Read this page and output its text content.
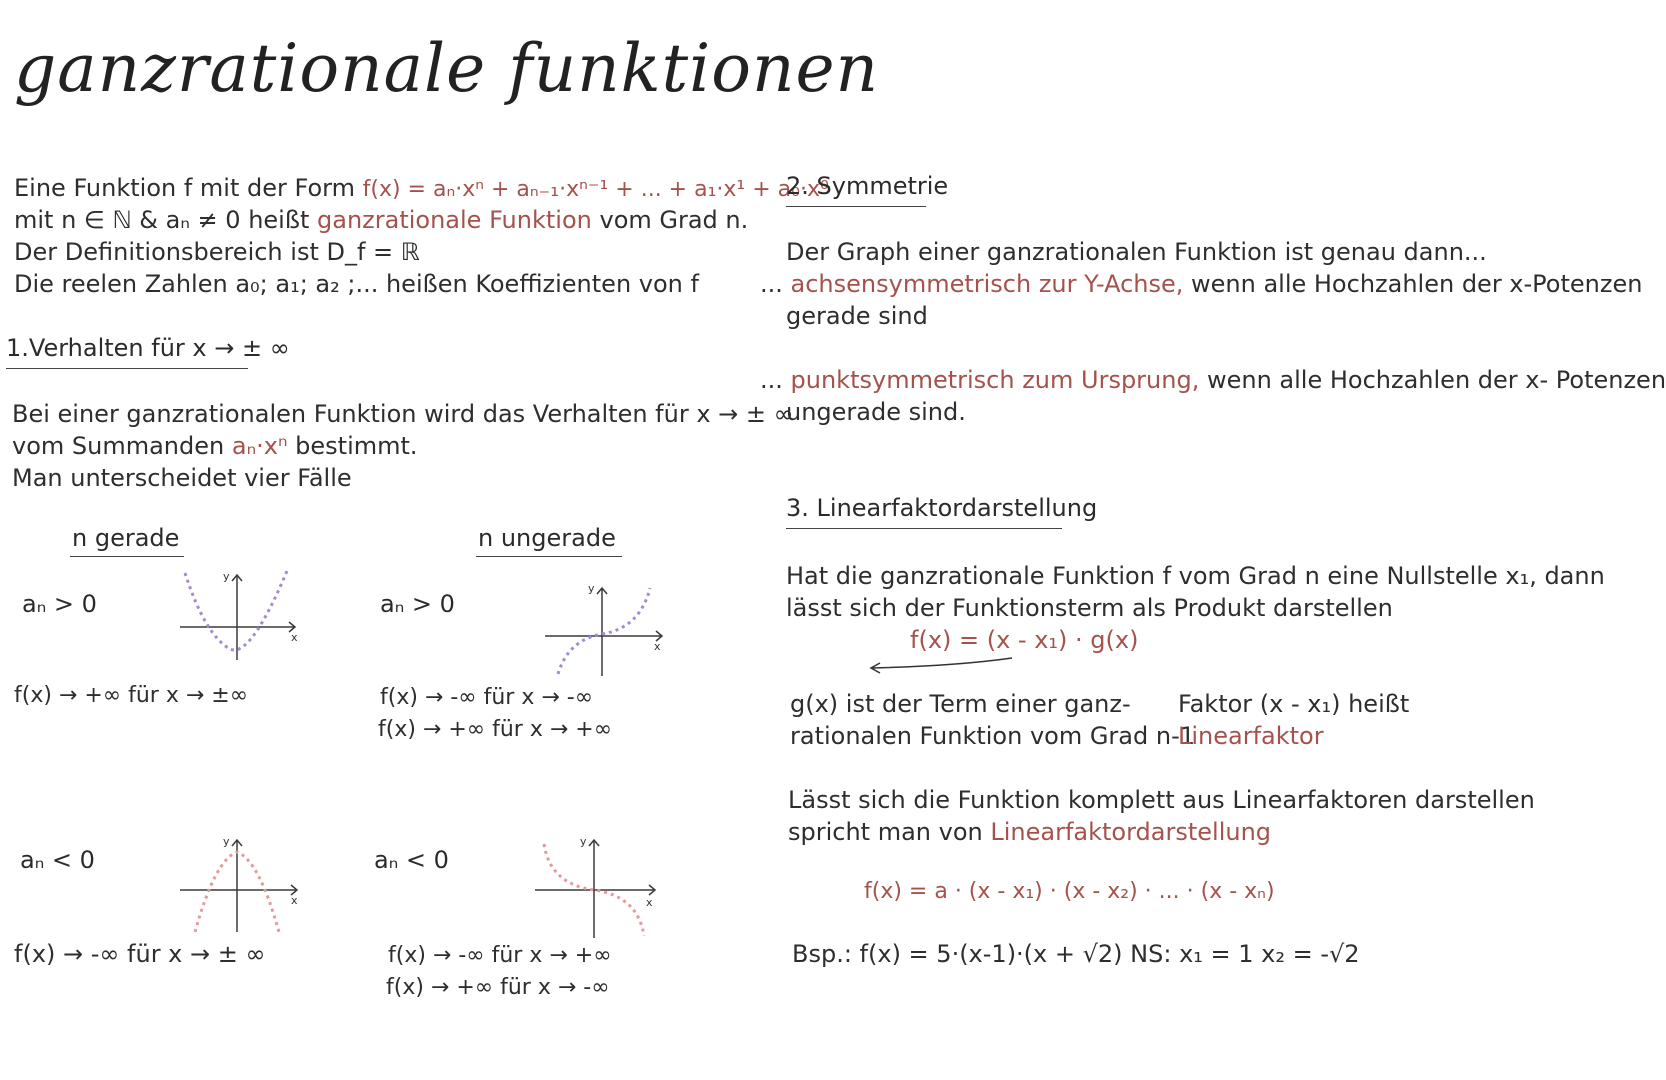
ganzrationale funktionen
Eine Funktion f mit der Form f(x) = aₙ·xⁿ + aₙ₋₁·xⁿ⁻¹ + ... + a₁·x¹ + a₀·x⁰
mit n ∈ ℕ & aₙ ≠ 0 heißt ganzrationale Funktion vom Grad n.
Der Definitionsbereich ist D_f = ℝ
Die reelen Zahlen a₀; a₁; a₂ ;... heißen Koeffizienten von f
1.Verhalten für x → ± ∞
Bei einer ganzrationalen Funktion wird das Verhalten für x → ± ∞
vom Summanden aₙ·xⁿ bestimmt.
Man unterscheidet vier Fälle
n gerade	n ungerade
aₙ > 0
y
x
f(x) → +∞ für x → ±∞
aₙ > 0
y
x
f(x) → -∞ für x → -∞
f(x) → +∞ für x → +∞
aₙ < 0
y
x
f(x) → -∞ für x → ± ∞
aₙ < 0
y
x
f(x) → -∞ für x → +∞
f(x) → +∞ für x → -∞
2. Symmetrie
Der Graph einer ganzrationalen Funktion ist genau dann...
... achsensymmetrisch zur Y-Achse, wenn alle Hochzahlen der x-Potenzen
gerade sind
... punktsymmetrisch zum Ursprung, wenn alle Hochzahlen der x- Potenzen
ungerade sind.
3. Linearfaktordarstellung
Hat die ganzrationale Funktion f vom Grad n eine Nullstelle x₁, dann
lässt sich der Funktionsterm als Produkt darstellen
f(x) = (x - x₁) · g(x)
g(x) ist der Term einer ganz-
rationalen Funktion vom Grad n-1
Faktor (x - x₁) heißt
Linearfaktor
Lässt sich die Funktion komplett aus Linearfaktoren darstellen
spricht man von Linearfaktordarstellung
f(x) = a · (x - x₁) · (x - x₂) · ... · (x - xₙ)
Bsp.: f(x) = 5·(x-1)·(x + √2) NS: x₁ = 1 x₂ = -√2
